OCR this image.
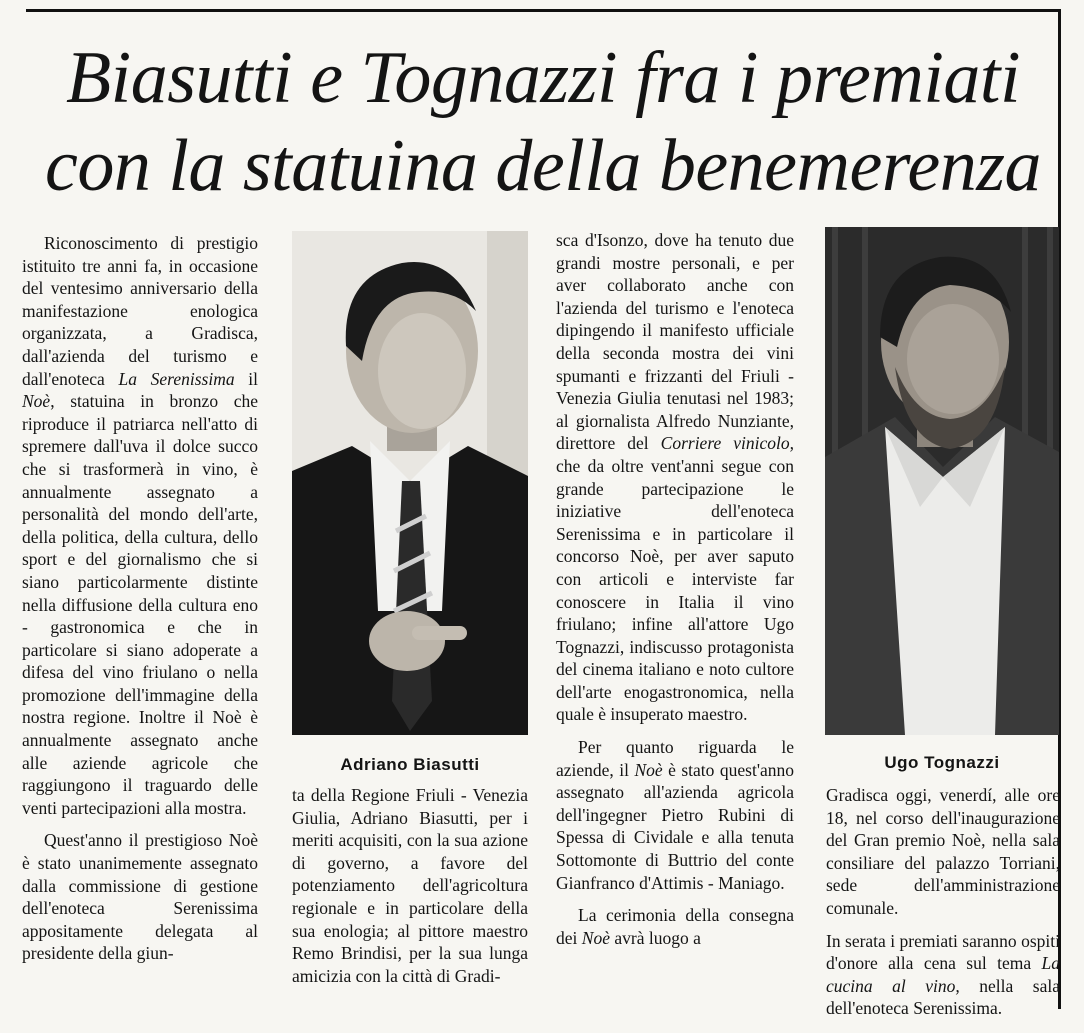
Biasutti e Tognazzi fra i premiati
con la statuina della benemerenza

Riconoscimento di prestigio istituito tre anni fa, in occasione del ventesimo anniversario della manifestazione enologica organizzata, a Gradisca, dall'azienda del turismo e dall'enoteca La Serenissima il Noè, statuina in bronzo che riproduce il patriarca nell'atto di spremere dall'uva il dolce succo che si trasformerà in vino, è annualmente assegnato a personalità del mondo dell'arte, della politica, della cultura, dello sport e del giornalismo che si siano particolarmente distinte nella diffusione della cultura eno - gastronomica e che in particolare si siano adoperate a difesa del vino friulano o nella promozione dell'immagine della nostra regione. Inoltre il Noè è annualmente assegnato anche alle aziende agricole che raggiungono il traguardo delle venti partecipazioni alla mostra.

Quest'anno il prestigioso Noè è stato unanimemente assegnato dalla commissione di gestione dell'enoteca Serenissima appositamente delegata al presidente della giun-

Adriano Biasutti

ta della Regione Friuli - Venezia Giulia, Adriano Biasutti, per i meriti acquisiti, con la sua azione di governo, a favore del potenziamento dell'agricoltura regionale e in particolare della sua enologia; al pittore maestro Remo Brindisi, per la sua lunga amicizia con la città di Gradi-

sca d'Isonzo, dove ha tenuto due grandi mostre personali, e per aver collaborato anche con l'azienda del turismo e l'enoteca dipingendo il manifesto ufficiale della seconda mostra dei vini spumanti e frizzanti del Friuli - Venezia Giulia tenutasi nel 1983; al giornalista Alfredo Nunziante, direttore del Corriere vinicolo, che da oltre vent'anni segue con grande partecipazione le iniziative dell'enoteca Serenissima e in particolare il concorso Noè, per aver saputo con articoli e interviste far conoscere in Italia il vino friulano; infine all'attore Ugo Tognazzi, indiscusso protagonista del cinema italiano e noto cultore dell'arte enogastronomica, nella quale è insuperato maestro.

Per quanto riguarda le aziende, il Noè è stato quest'anno assegnato all'azienda agricola dell'ingegner Pietro Rubini di Spessa di Cividale e alla tenuta Sottomonte di Buttrio del conte Gianfranco d'Attimis - Maniago.

La cerimonia della consegna dei Noè avrà luogo a

Ugo Tognazzi

Gradisca oggi, venerdí, alle ore 18, nel corso dell'inaugurazione del Gran premio Noè, nella sala consiliare del palazzo Torriani, sede dell'amministrazione comunale.

In serata i premiati saranno ospiti d'onore alla cena sul tema La cucina al vino, nella sala dell'enoteca Serenissima.
